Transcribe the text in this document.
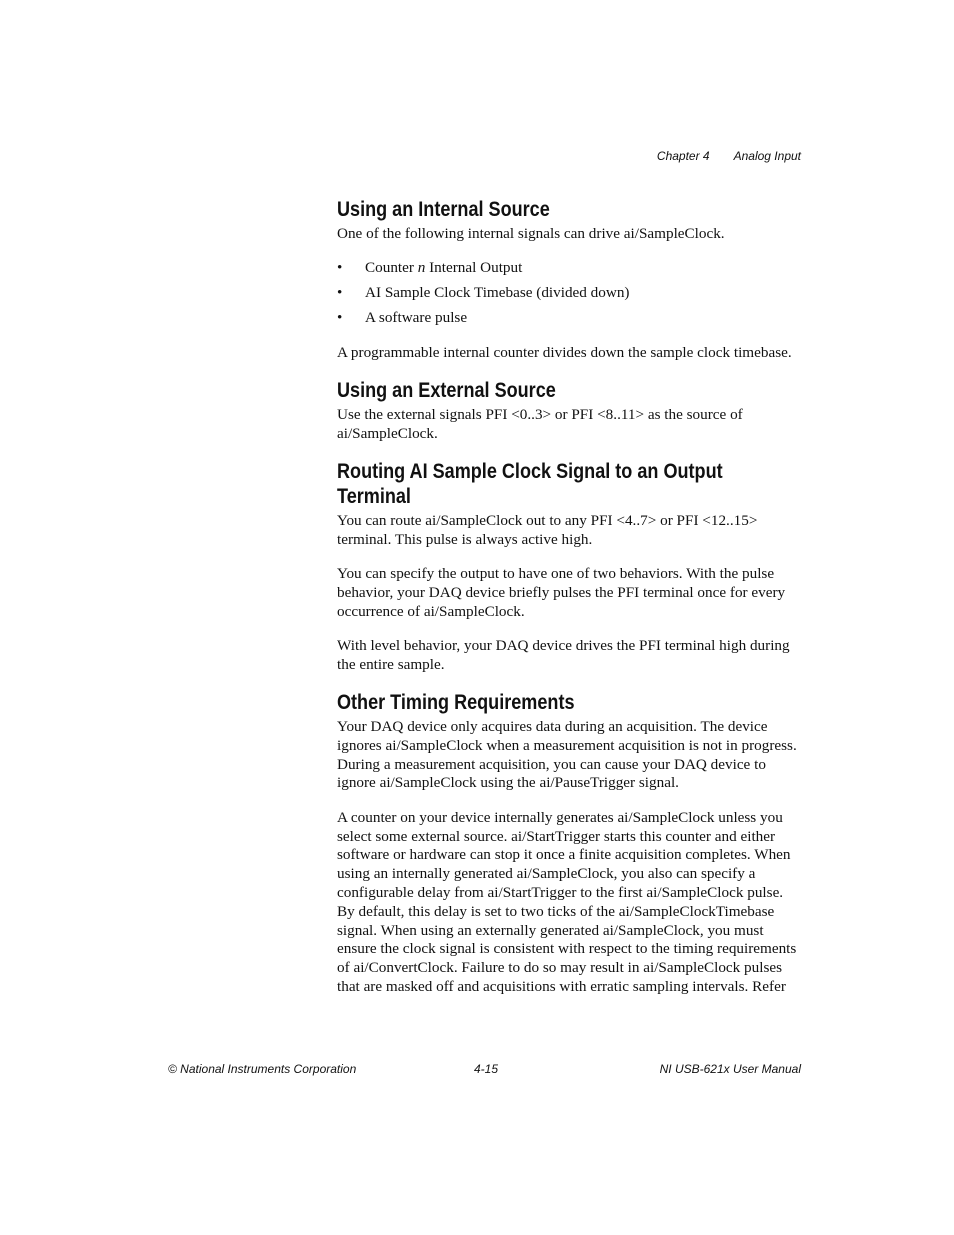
Chapter 4 Analog Input
Using an Internal Source

One of the following internal signals can drive ai/SampleClock.

• Counter n Internal Output
• AI Sample Clock Timebase (divided down)
• A software pulse

A programmable internal counter divides down the sample clock timebase.

Using an External Source

Use the external signals PFI <0..3> or PFI <8..11> as the source of ai/SampleClock.

Routing AI Sample Clock Signal to an Output Terminal

You can route ai/SampleClock out to any PFI <4..7> or PFI <12..15> terminal. This pulse is always active high.

You can specify the output to have one of two behaviors. With the pulse behavior, your DAQ device briefly pulses the PFI terminal once for every occurrence of ai/SampleClock.

With level behavior, your DAQ device drives the PFI terminal high during the entire sample.

Other Timing Requirements

Your DAQ device only acquires data during an acquisition. The device ignores ai/SampleClock when a measurement acquisition is not in progress. During a measurement acquisition, you can cause your DAQ device to ignore ai/SampleClock using the ai/PauseTrigger signal.

A counter on your device internally generates ai/SampleClock unless you select some external source. ai/StartTrigger starts this counter and either software or hardware can stop it once a finite acquisition completes. When using an internally generated ai/SampleClock, you also can specify a configurable delay from ai/StartTrigger to the first ai/SampleClock pulse. By default, this delay is set to two ticks of the ai/SampleClockTimebase signal. When using an externally generated ai/SampleClock, you must ensure the clock signal is consistent with respect to the timing requirements of ai/ConvertClock. Failure to do so may result in ai/SampleClock pulses that are masked off and acquisitions with erratic sampling intervals. Refer

© National Instruments Corporation	4-15	NI USB-621x User Manual
